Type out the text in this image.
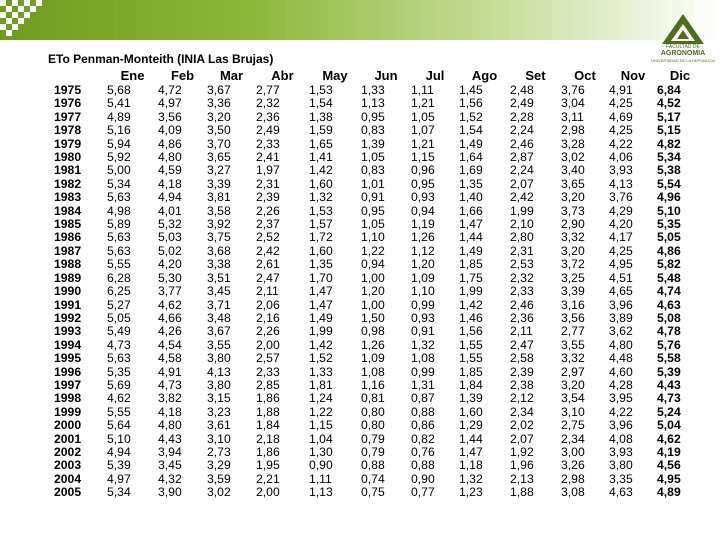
FACULTAD DE
AGRONOMIA
UNIVERSIDAD DE LA REPUBLICA
ETo Penman-Monteith (INIA Las Brujas)
	Ene	Feb	Mar	Abr	May	Jun	Jul	Ago	Set	Oct	Nov	Dic
1975	5,68	4,72	3,67	2,77	1,53	1,33	1,11	1,45	2,48	3,76	4,91	6,84
1976	5,41	4,97	3,36	2,32	1,54	1,13	1,21	1,56	2,49	3,04	4,25	4,52
1977	4,89	3,56	3,20	2,36	1,38	0,95	1,05	1,52	2,28	3,11	4,69	5,17
1978	5,16	4,09	3,50	2,49	1,59	0,83	1,07	1,54	2,24	2,98	4,25	5,15
1979	5,94	4,86	3,70	2,33	1,65	1,39	1,21	1,49	2,46	3,28	4,22	4,82
1980	5,92	4,80	3,65	2,41	1,41	1,05	1,15	1,64	2,87	3,02	4,06	5,34
1981	5,00	4,59	3,27	1,97	1,42	0,83	0,96	1,69	2,24	3,40	3,93	5,38
1982	5,34	4,18	3,39	2,31	1,60	1,01	0,95	1,35	2,07	3,65	4,13	5,54
1983	5,63	4,94	3,81	2,39	1,32	0,91	0,93	1,40	2,42	3,20	3,76	4,96
1984	4,98	4,01	3,58	2,26	1,53	0,95	0,94	1,66	1,99	3,73	4,29	5,10
1985	5,89	5,32	3,92	2,37	1,57	1,05	1,19	1,47	2,10	2,90	4,20	5,35
1986	5,63	5,03	3,75	2,52	1,72	1,10	1,26	1,44	2,80	3,32	4,17	5,05
1987	5,63	5,02	3,68	2,42	1,60	1,22	1,12	1,49	2,31	3,20	4,25	4,86
1988	5,55	4,20	3,38	2,61	1,35	0,94	1,20	1,85	2,53	3,72	4,95	5,82
1989	6,28	5,30	3,51	2,47	1,70	1,00	1,09	1,75	2,32	3,25	4,51	5,48
1990	6,25	3,77	3,45	2,11	1,47	1,20	1,10	1,99	2,33	3,39	4,65	4,74
1991	5,27	4,62	3,71	2,06	1,47	1,00	0,99	1,42	2,46	3,16	3,96	4,63
1992	5,05	4,66	3,48	2,16	1,49	1,50	0,93	1,46	2,36	3,56	3,89	5,08
1993	5,49	4,26	3,67	2,26	1,99	0,98	0,91	1,56	2,11	2,77	3,62	4,78
1994	4,73	4,54	3,55	2,00	1,42	1,26	1,32	1,55	2,47	3,55	4,80	5,76
1995	5,63	4,58	3,80	2,57	1,52	1,09	1,08	1,55	2,58	3,32	4,48	5,58
1996	5,35	4,91	4,13	2,33	1,33	1,08	0,99	1,85	2,39	2,97	4,60	5,39
1997	5,69	4,73	3,80	2,85	1,81	1,16	1,31	1,84	2,38	3,20	4,28	4,43
1998	4,62	3,82	3,15	1,86	1,24	0,81	0,87	1,39	2,12	3,54	3,95	4,73
1999	5,55	4,18	3,23	1,88	1,22	0,80	0,88	1,60	2,34	3,10	4,22	5,24
2000	5,64	4,80	3,61	1,84	1,15	0,80	0,86	1,29	2,02	2,75	3,96	5,04
2001	5,10	4,43	3,10	2,18	1,04	0,79	0,82	1,44	2,07	2,34	4,08	4,62
2002	4,94	3,94	2,73	1,86	1,30	0,79	0,76	1,47	1,92	3,00	3,93	4,19
2003	5,39	3,45	3,29	1,95	0,90	0,88	0,88	1,18	1,96	3,26	3,80	4,56
2004	4,97	4,32	3,59	2,21	1,11	0,74	0,90	1,32	2,13	2,98	3,35	4,95
2005	5,34	3,90	3,02	2,00	1,13	0,75	0,77	1,23	1,88	3,08	4,63	4,89
